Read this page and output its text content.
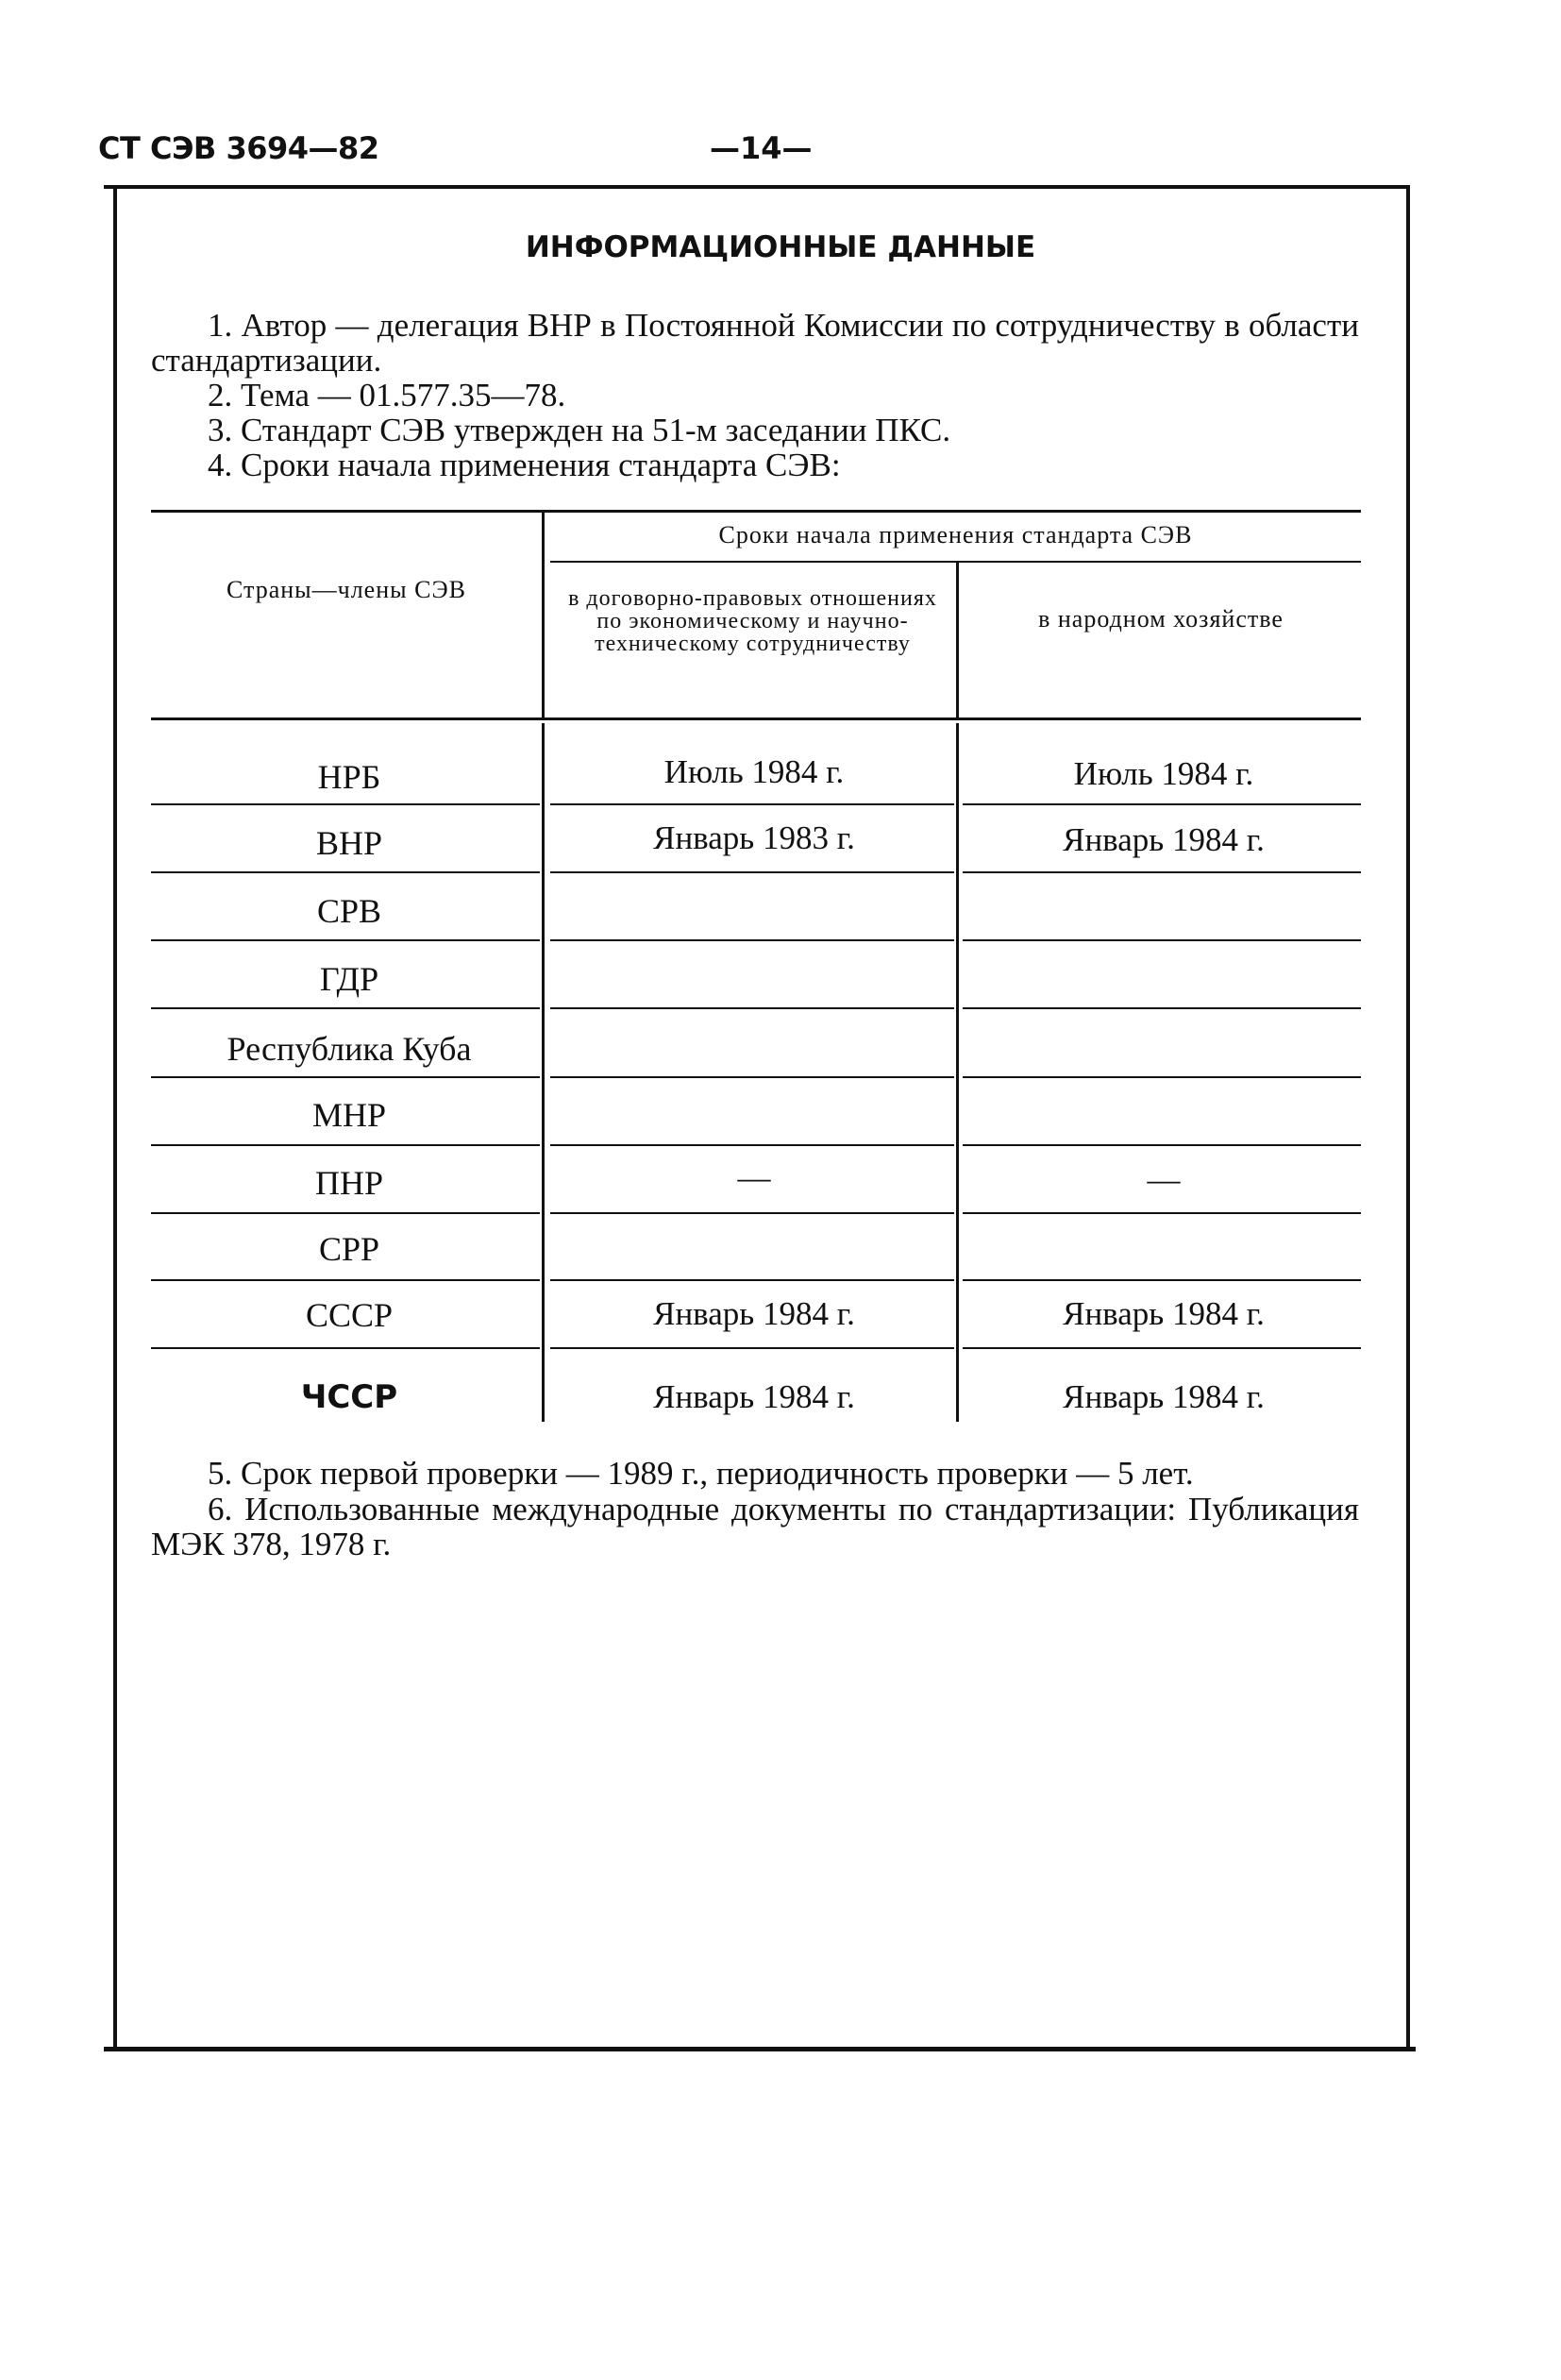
СТ СЭВ 3694—82	—14—
ИНФОРМАЦИОННЫЕ ДАННЫЕ
1. Автор — делегация ВНР в Постоянной Комиссии по сотрудничеству в области стандартизации.
2. Тема — 01.577.35—78.
3. Стандарт СЭВ утвержден на 51-м заседании ПКС.
4. Сроки начала применения стандарта СЭВ:
Страны—члены СЭВ
Сроки начала применения стандарта СЭВ
в договорно-правовых отношениях по экономическому и научно-техническому сотрудничеству
в народном хозяйстве
НРБ	Июль 1984 г.	Июль 1984 г.
ВНР	Январь 1983 г.	Январь 1984 г.
СРВ
ГДР
Республика Куба
МНР
ПНР	—	—
СРР
СССР	Январь 1984 г.	Январь 1984 г.
ЧССР	Январь 1984 г.	Январь 1984 г.
5. Срок первой проверки — 1989 г., периодичность проверки — 5 лет.
6. Использованные международные документы по стандартизации: Публикация МЭК 378, 1978 г.
